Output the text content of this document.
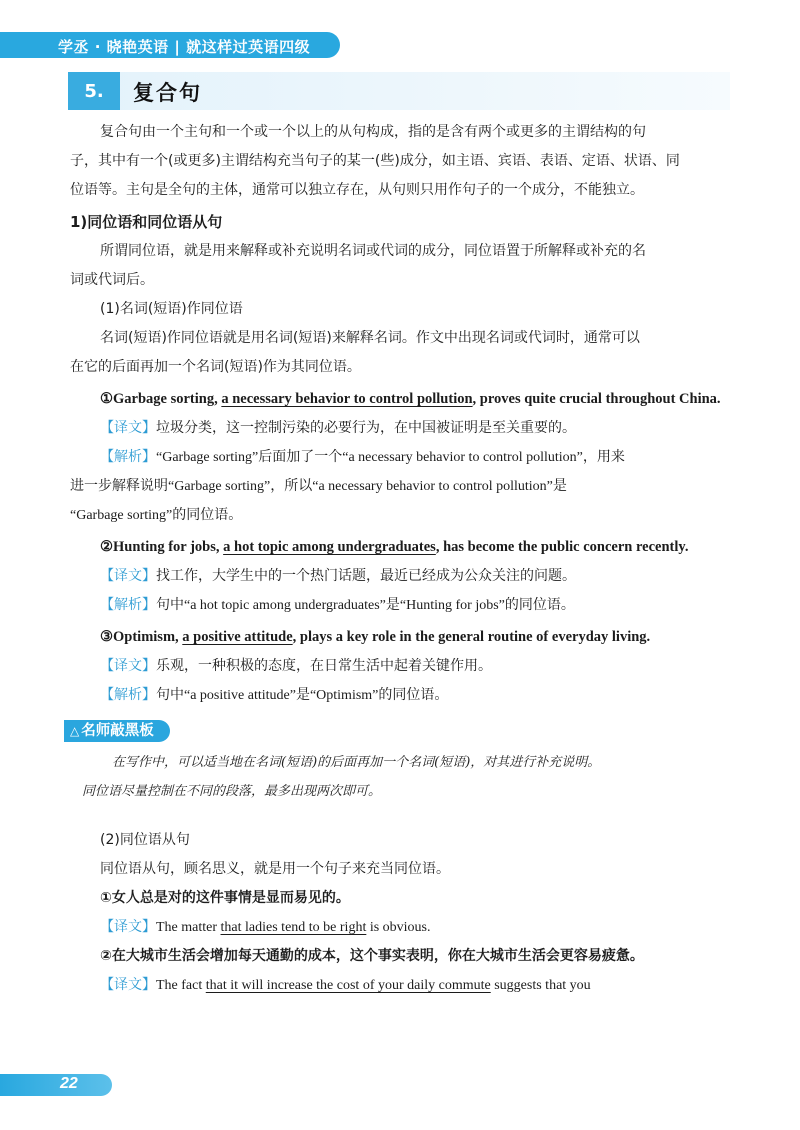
学丞 · 晓艳英语 | 就这样过英语四级
5.	复合句

复合句由一个主句和一个或一个以上的从句构成，指的是含有两个或更多的主谓结构的句

子，其中有一个(或更多)主谓结构充当句子的某一(些)成分，如主语、宾语、表语、定语、状语、同

位语等。主句是全句的主体，通常可以独立存在，从句则只用作句子的一个成分，不能独立。

1)同位语和同位语从句

所谓同位语，就是用来解释或补充说明名词或代词的成分，同位语置于所解释或补充的名

词或代词后。

(1)名词(短语)作同位语

名词(短语)作同位语就是用名词(短语)来解释名词。作文中出现名词或代词时，通常可以

在它的后面再加一个名词(短语)作为其同位语。

①Garbage sorting, a necessary behavior to control pollution, proves quite crucial throughout China.

【译文】垃圾分类，这一控制污染的必要行为，在中国被证明是至关重要的。

【解析】“Garbage sorting”后面加了一个“a necessary behavior to control pollution”，用来

进一步解释说明“Garbage sorting”，所以“a necessary behavior to control pollution”是

“Garbage sorting”的同位语。

②Hunting for jobs, a hot topic among undergraduates, has become the public concern recently.

【译文】找工作，大学生中的一个热门话题，最近已经成为公众关注的问题。

【解析】句中“a hot topic among undergraduates”是“Hunting for jobs”的同位语。

③Optimism, a positive attitude, plays a key role in the general routine of everyday living.

【译文】乐观，一种积极的态度，在日常生活中起着关键作用。

【解析】句中“a positive attitude”是“Optimism”的同位语。

△ 名师敲黑板

在写作中，可以适当地在名词(短语)的后面再加一个名词(短语)，对其进行补充说明。

同位语尽量控制在不同的段落，最多出现两次即可。

(2)同位语从句

同位语从句，顾名思义，就是用一个句子来充当同位语。

①女人总是对的这件事情是显而易见的。

【译文】The matter that ladies tend to be right is obvious.

②在大城市生活会增加每天通勤的成本，这个事实表明，你在大城市生活会更容易疲惫。

【译文】The fact that it will increase the cost of your daily commute suggests that you

22
